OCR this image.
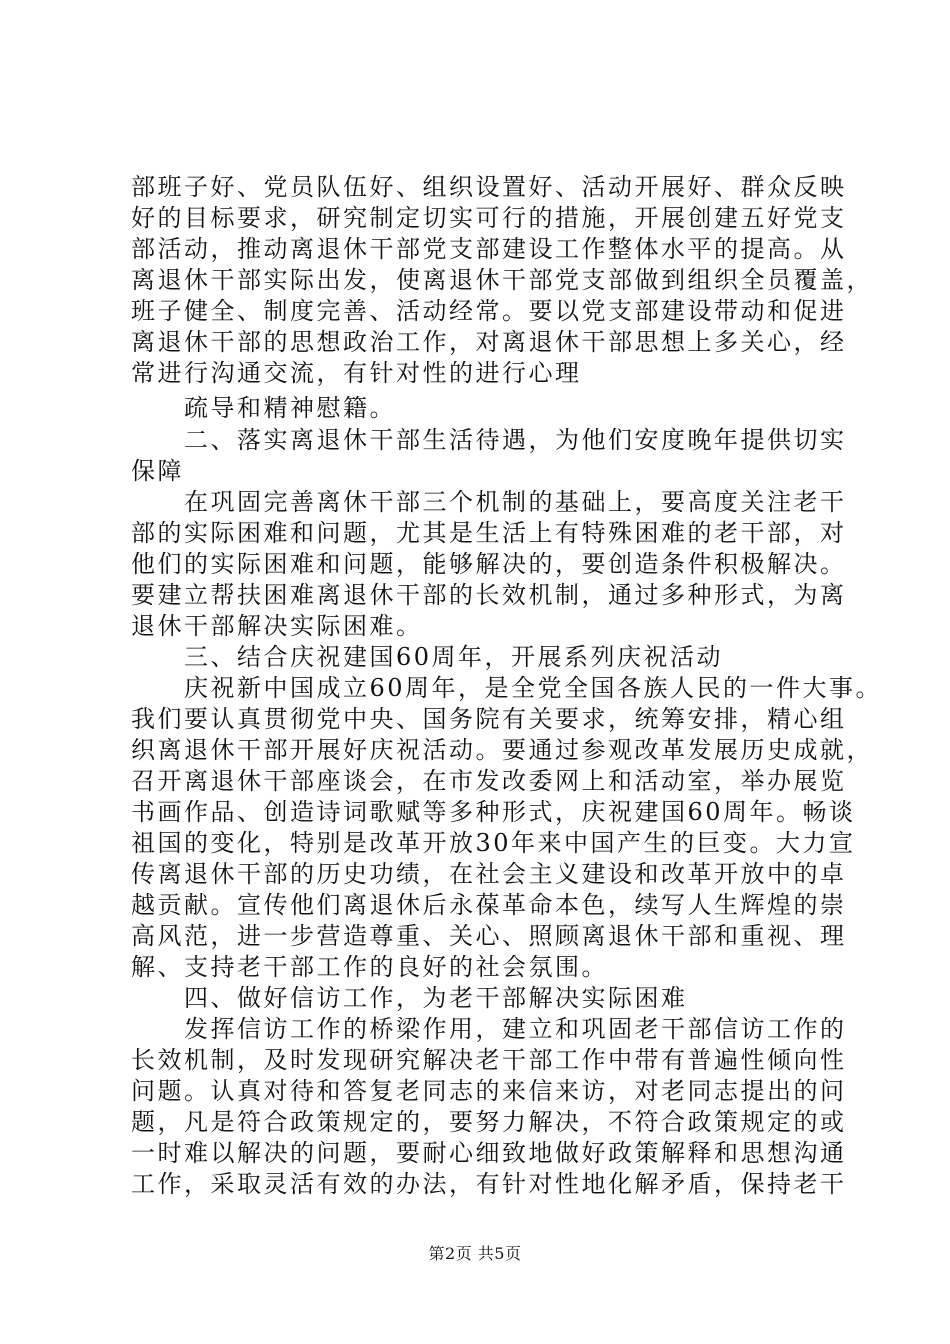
部班子好、党员队伍好、组织设置好、活动开展好、群众反映
好的目标要求，研究制定切实可行的措施，开展创建五好党支
部活动，推动离退休干部党支部建设工作整体水平的提高。从
离退休干部实际出发，使离退休干部党支部做到组织全员覆盖，
班子健全、制度完善、活动经常。要以党支部建设带动和促进
离退休干部的思想政治工作，对离退休干部思想上多关心，经
常进行沟通交流，有针对性的进行心理
　　疏导和精神慰籍。
　　二、落实离退休干部生活待遇，为他们安度晚年提供切实
保障
　　在巩固完善离休干部三个机制的基础上，要高度关注老干
部的实际困难和问题，尤其是生活上有特殊困难的老干部，对
他们的实际困难和问题，能够解决的，要创造条件积极解决。
要建立帮扶困难离退休干部的长效机制，通过多种形式，为离
退休干部解决实际困难。
　　三、结合庆祝建国60周年，开展系列庆祝活动
　　庆祝新中国成立60周年，是全党全国各族人民的一件大事。
我们要认真贯彻党中央、国务院有关要求，统筹安排，精心组
织离退休干部开展好庆祝活动。要通过参观改革发展历史成就，
召开离退休干部座谈会，在市发改委网上和活动室，举办展览
书画作品、创造诗词歌赋等多种形式，庆祝建国60周年。畅谈
祖国的变化，特别是改革开放30年来中国产生的巨变。大力宣
传离退休干部的历史功绩，在社会主义建设和改革开放中的卓
越贡献。宣传他们离退休后永葆革命本色，续写人生辉煌的崇
高风范，进一步营造尊重、关心、照顾离退休干部和重视、理
解、支持老干部工作的良好的社会氛围。
　　四、做好信访工作，为老干部解决实际困难
　　发挥信访工作的桥梁作用，建立和巩固老干部信访工作的
长效机制，及时发现研究解决老干部工作中带有普遍性倾向性
问题。认真对待和答复老同志的来信来访，对老同志提出的问
题，凡是符合政策规定的，要努力解决，不符合政策规定的或
一时难以解决的问题，要耐心细致地做好政策解释和思想沟通
工作，采取灵活有效的办法，有针对性地化解矛盾，保持老干
第2页 共5页
